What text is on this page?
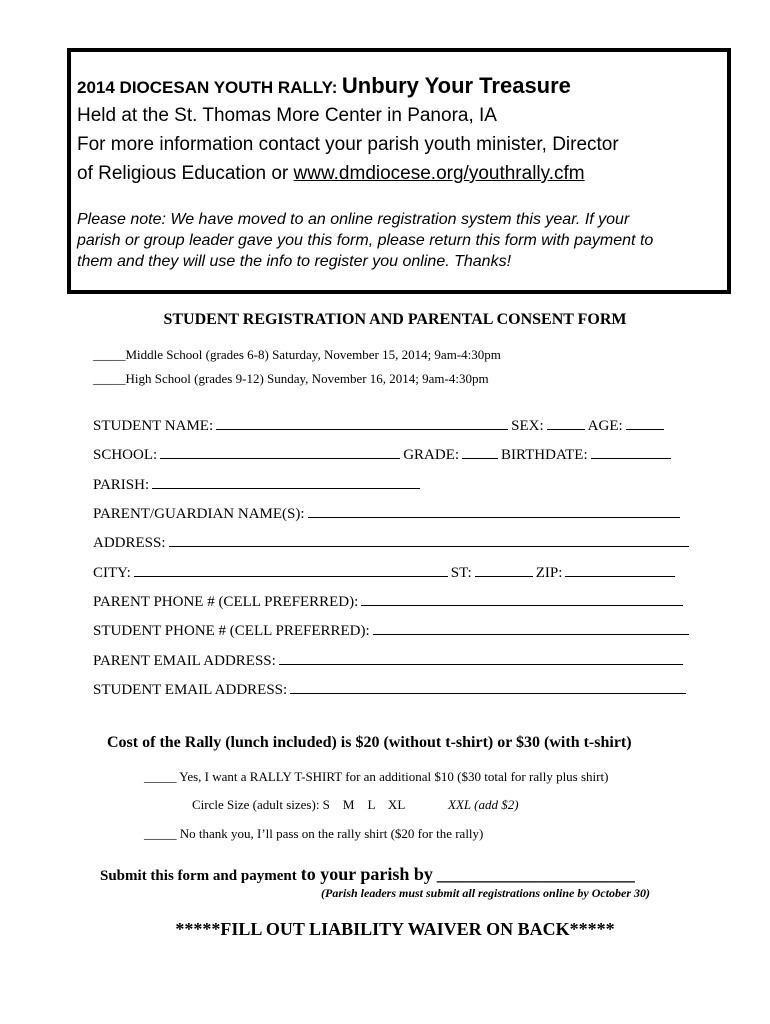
2014 DIOCESAN YOUTH RALLY: Unbury Your Treasure
Held at the St. Thomas More Center in Panora, IA
For more information contact your parish youth minister, Director
of Religious Education or www.dmdiocese.org/youthrally.cfm
Please note: We have moved to an online registration system this year. If your
parish or group leader gave you this form, please return this form with payment to
them and they will use the info to register you online. Thanks!
STUDENT REGISTRATION AND PARENTAL CONSENT FORM
_____Middle School (grades 6-8) Saturday, November 15, 2014; 9am-4:30pm
_____High School (grades 9-12) Sunday, November 16, 2014; 9am-4:30pm
STUDENT NAME:	SEX:	AGE:
SCHOOL:	GRADE:	BIRTHDATE:
PARISH:
PARENT/GUARDIAN NAME(S):
ADDRESS:
CITY:	ST:	ZIP:
PARENT PHONE # (CELL PREFERRED):
STUDENT PHONE # (CELL PREFERRED):
PARENT EMAIL ADDRESS:
STUDENT EMAIL ADDRESS:
Cost of the Rally (lunch included) is $20 (without t-shirt) or $30 (with t-shirt)
_____ Yes, I want a RALLY T-SHIRT for an additional $10 ($30 total for rally plus shirt)
Circle Size (adult sizes): S    M    L    XL	XXL (add $2)
_____ No thank you, I’ll pass on the rally shirt ($20 for the rally)
Submit this form and payment to your parish by ______________________
(Parish leaders must submit all registrations online by October 30)
*****FILL OUT LIABILITY WAIVER ON BACK*****
